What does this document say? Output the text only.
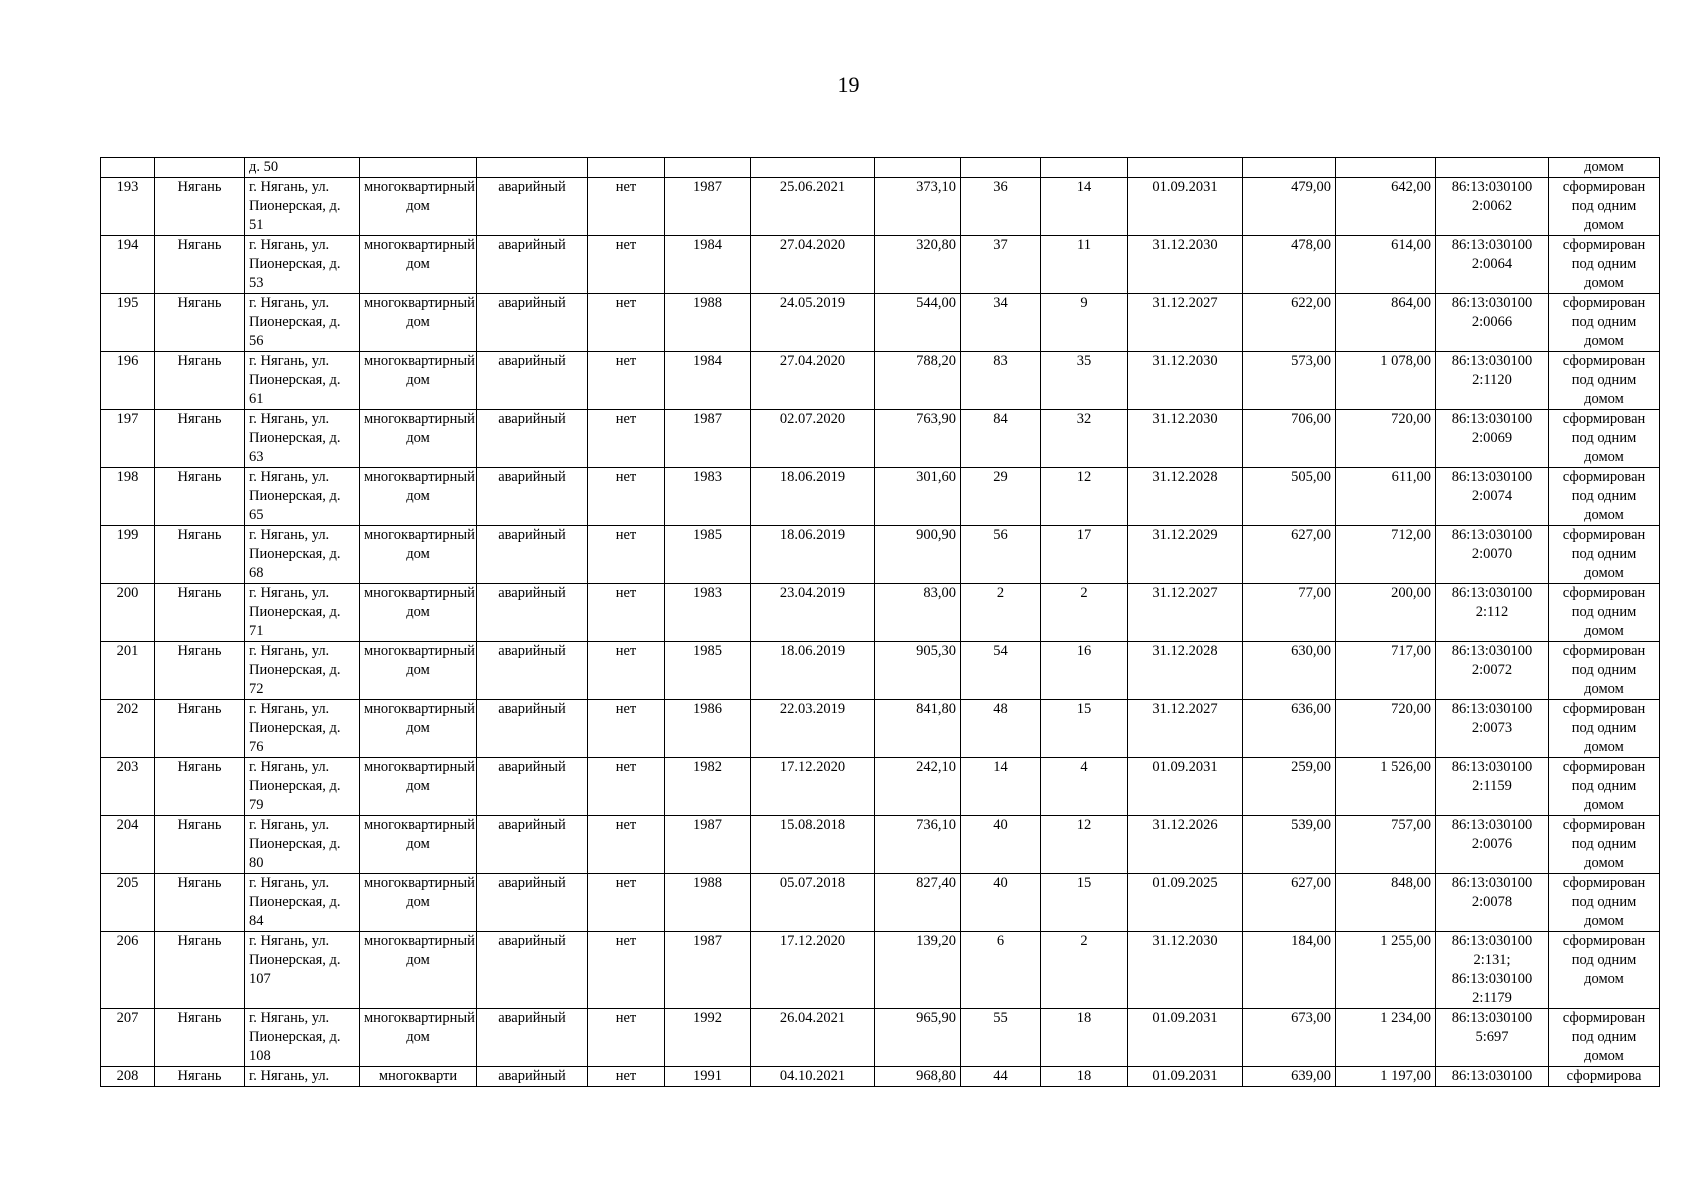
19
		д. 50													домом
193	Нягань	г. Нягань, ул. Пионерская, д. 51	многоквартирный дом	аварийный	нет	1987	25.06.2021	373,10	36	14	01.09.2031	479,00	642,00	86:13:030100 2:0062	сформирован под одним домом
194	Нягань	г. Нягань, ул. Пионерская, д. 53	многоквартирный дом	аварийный	нет	1984	27.04.2020	320,80	37	11	31.12.2030	478,00	614,00	86:13:030100 2:0064	сформирован под одним домом
195	Нягань	г. Нягань, ул. Пионерская, д. 56	многоквартирный дом	аварийный	нет	1988	24.05.2019	544,00	34	9	31.12.2027	622,00	864,00	86:13:030100 2:0066	сформирован под одним домом
196	Нягань	г. Нягань, ул. Пионерская, д. 61	многоквартирный дом	аварийный	нет	1984	27.04.2020	788,20	83	35	31.12.2030	573,00	1 078,00	86:13:030100 2:1120	сформирован под одним домом
197	Нягань	г. Нягань, ул. Пионерская, д. 63	многоквартирный дом	аварийный	нет	1987	02.07.2020	763,90	84	32	31.12.2030	706,00	720,00	86:13:030100 2:0069	сформирован под одним домом
198	Нягань	г. Нягань, ул. Пионерская, д. 65	многоквартирный дом	аварийный	нет	1983	18.06.2019	301,60	29	12	31.12.2028	505,00	611,00	86:13:030100 2:0074	сформирован под одним домом
199	Нягань	г. Нягань, ул. Пионерская, д. 68	многоквартирный дом	аварийный	нет	1985	18.06.2019	900,90	56	17	31.12.2029	627,00	712,00	86:13:030100 2:0070	сформирован под одним домом
200	Нягань	г. Нягань, ул. Пионерская, д. 71	многоквартирный дом	аварийный	нет	1983	23.04.2019	83,00	2	2	31.12.2027	77,00	200,00	86:13:030100 2:112	сформирован под одним домом
201	Нягань	г. Нягань, ул. Пионерская, д. 72	многоквартирный дом	аварийный	нет	1985	18.06.2019	905,30	54	16	31.12.2028	630,00	717,00	86:13:030100 2:0072	сформирован под одним домом
202	Нягань	г. Нягань, ул. Пионерская, д. 76	многоквартирный дом	аварийный	нет	1986	22.03.2019	841,80	48	15	31.12.2027	636,00	720,00	86:13:030100 2:0073	сформирован под одним домом
203	Нягань	г. Нягань, ул. Пионерская, д. 79	многоквартирный дом	аварийный	нет	1982	17.12.2020	242,10	14	4	01.09.2031	259,00	1 526,00	86:13:030100 2:1159	сформирован под одним домом
204	Нягань	г. Нягань, ул. Пионерская, д. 80	многоквартирный дом	аварийный	нет	1987	15.08.2018	736,10	40	12	31.12.2026	539,00	757,00	86:13:030100 2:0076	сформирован под одним домом
205	Нягань	г. Нягань, ул. Пионерская, д. 84	многоквартирный дом	аварийный	нет	1988	05.07.2018	827,40	40	15	01.09.2025	627,00	848,00	86:13:030100 2:0078	сформирован под одним домом
206	Нягань	г. Нягань, ул. Пионерская, д. 107	многоквартирный дом	аварийный	нет	1987	17.12.2020	139,20	6	2	31.12.2030	184,00	1 255,00	86:13:030100 2:131; 86:13:030100 2:1179	сформирован под одним домом
207	Нягань	г. Нягань, ул. Пионерская, д. 108	многоквартирный дом	аварийный	нет	1992	26.04.2021	965,90	55	18	01.09.2031	673,00	1 234,00	86:13:030100 5:697	сформирован под одним домом
208	Нягань	г. Нягань, ул.	многокварти	аварийный	нет	1991	04.10.2021	968,80	44	18	01.09.2031	639,00	1 197,00	86:13:030100	сформирова
